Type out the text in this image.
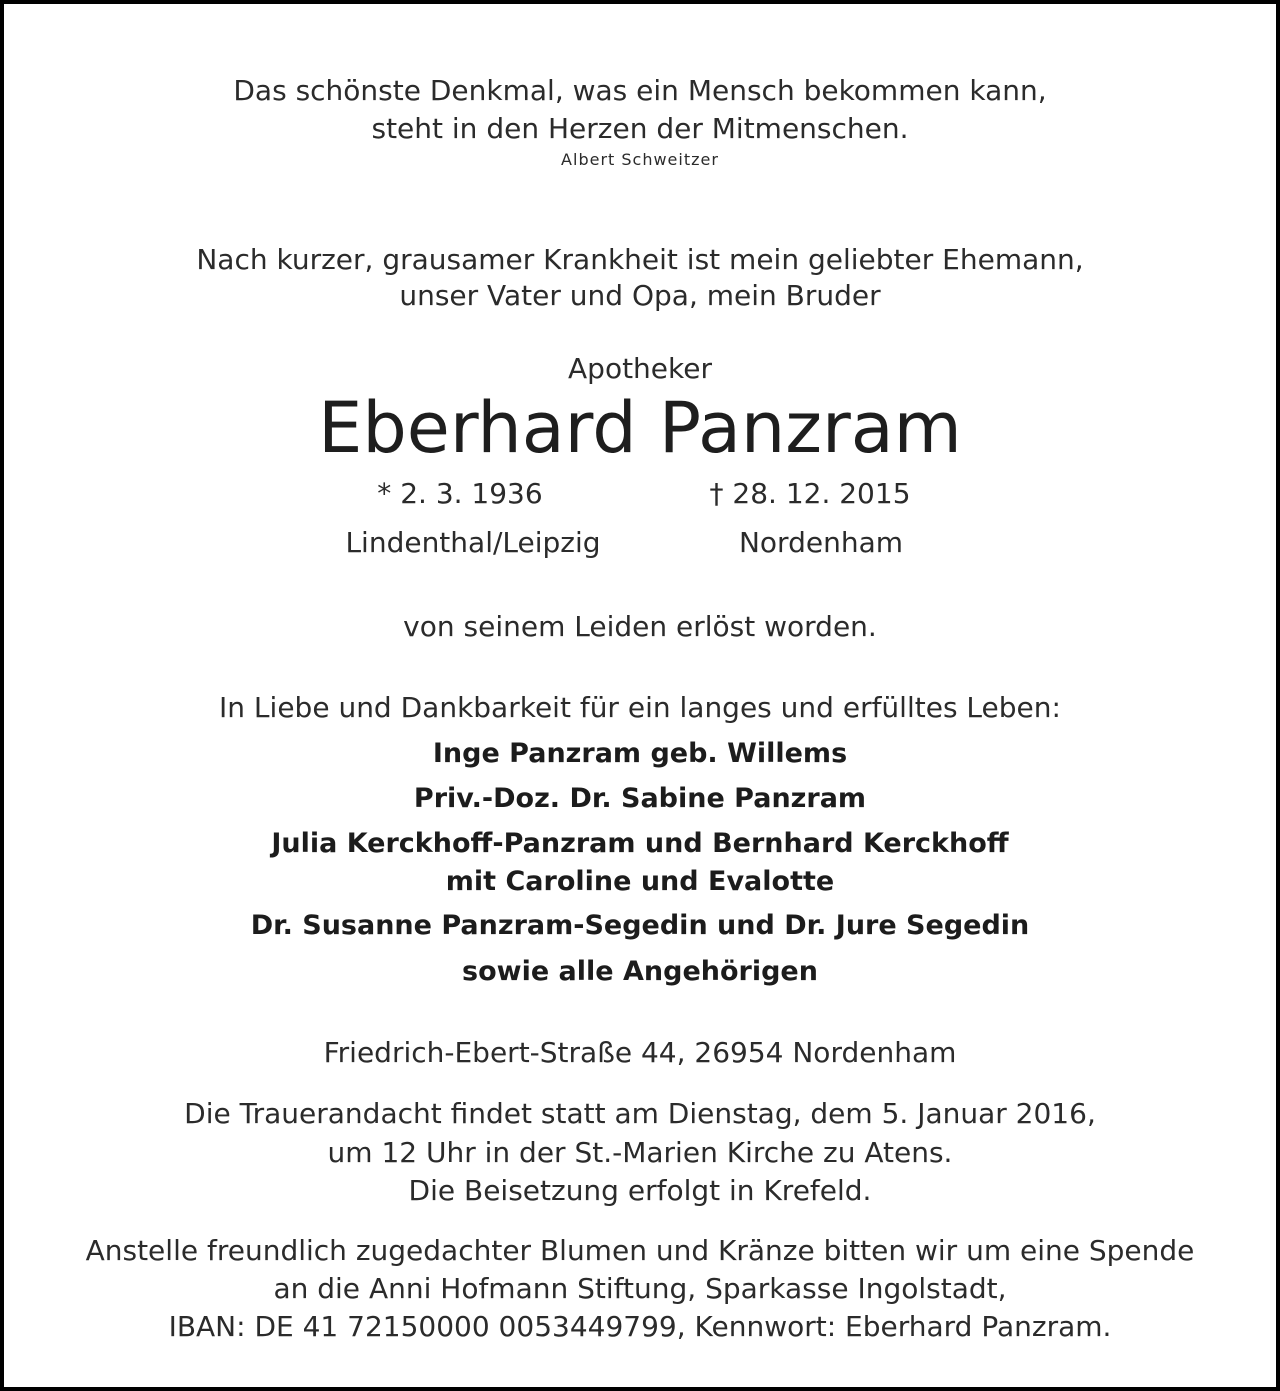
Das schönste Denkmal, was ein Mensch bekommen kann,
steht in den Herzen der Mitmenschen.
Albert Schweitzer
Nach kurzer, grausamer Krankheit ist mein geliebter Ehemann,
unser Vater und Opa, mein Bruder
Apotheker
Eberhard Panzram
* 2. 3. 1936	† 28. 12. 2015
Lindenthal/Leipzig	Nordenham
von seinem Leiden erlöst worden.
In Liebe und Dankbarkeit für ein langes und erfülltes Leben:
Inge Panzram geb. Willems
Priv.-Doz. Dr. Sabine Panzram
Julia Kerckhoff-Panzram und Bernhard Kerckhoff
mit Caroline und Evalotte
Dr. Susanne Panzram-Segedin und Dr. Jure Segedin
sowie alle Angehörigen
Friedrich-Ebert-Straße 44, 26954 Nordenham
Die Trauerandacht findet statt am Dienstag, dem 5. Januar 2016,
um 12 Uhr in der St.-Marien Kirche zu Atens.
Die Beisetzung erfolgt in Krefeld.
Anstelle freundlich zugedachter Blumen und Kränze bitten wir um eine Spende
an die Anni Hofmann Stiftung, Sparkasse Ingolstadt,
IBAN: DE 41 72150000 0053449799, Kennwort: Eberhard Panzram.
